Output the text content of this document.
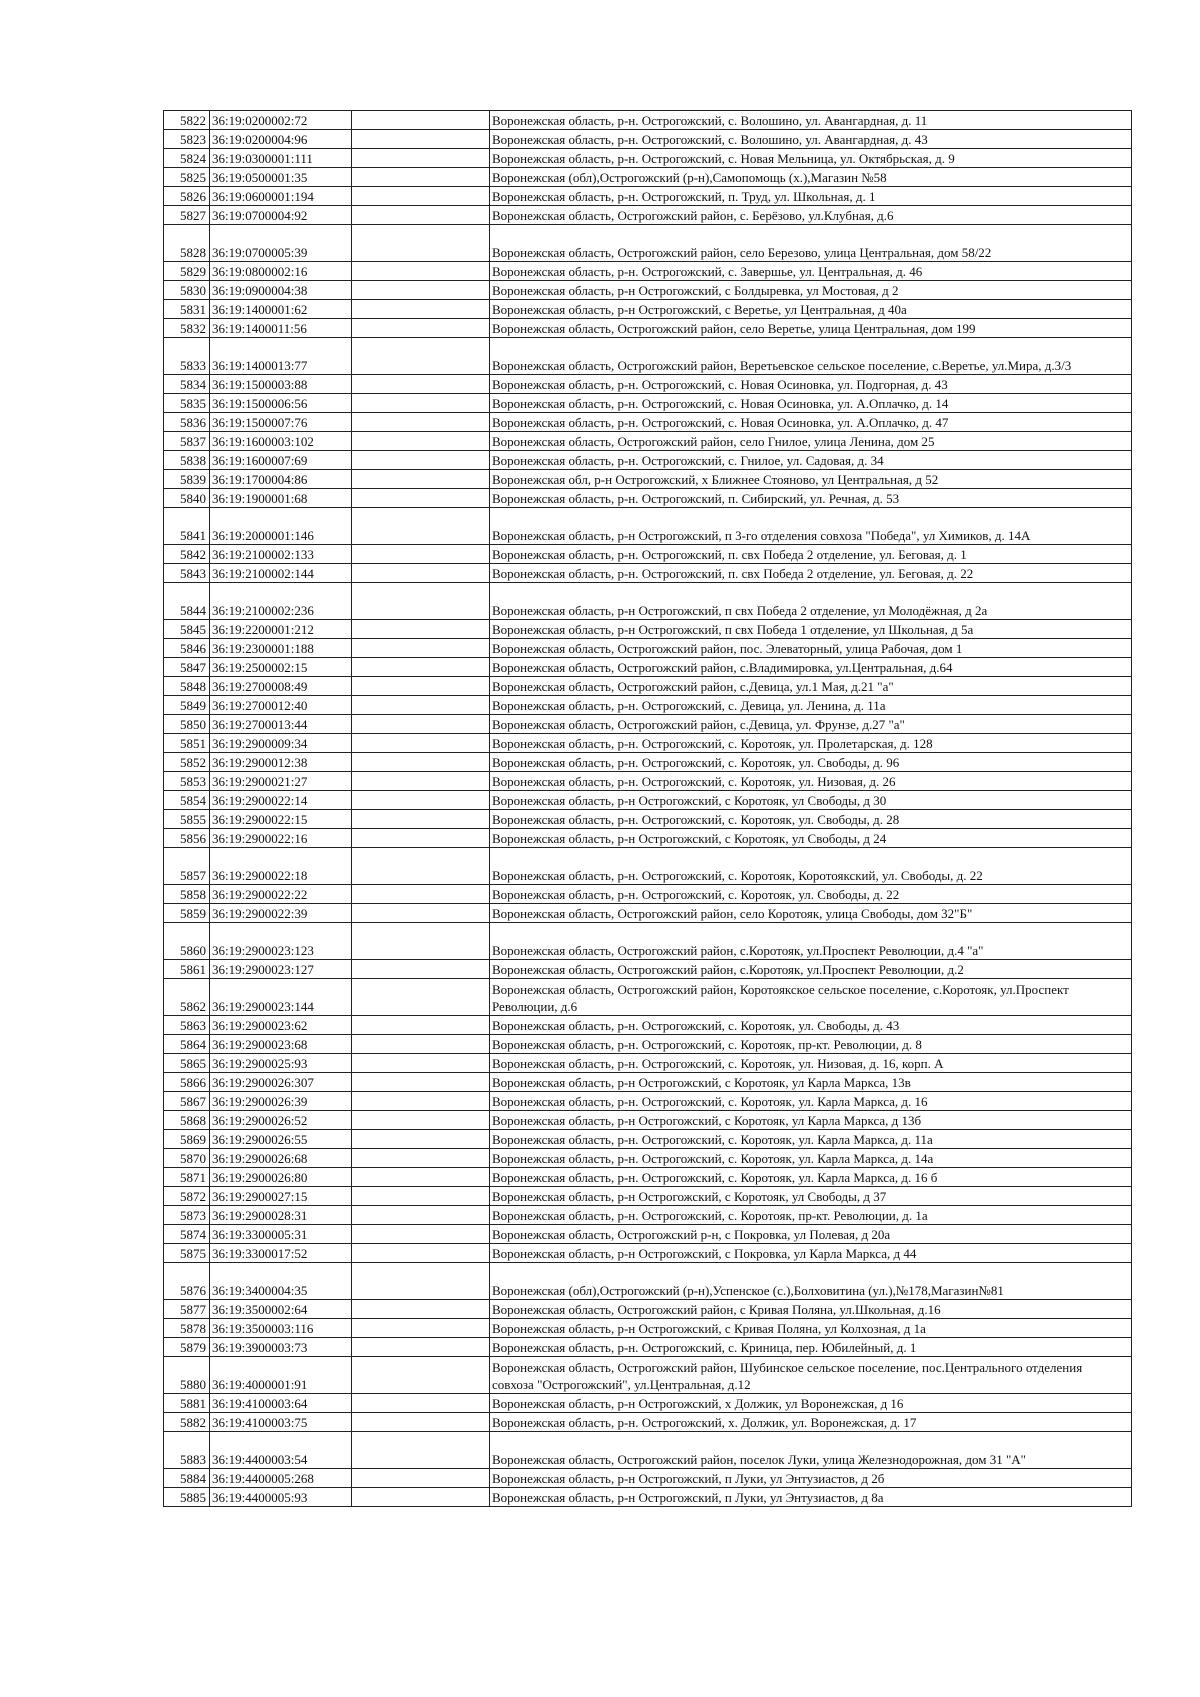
5822	36:19:0200002:72		Воронежская область, р-н. Острогожский, с. Волошино, ул. Авангардная, д. 11
5823	36:19:0200004:96		Воронежская область, р-н. Острогожский, с. Волошино, ул. Авангардная, д. 43
5824	36:19:0300001:111		Воронежская область, р-н. Острогожский, с. Новая Мельница, ул. Октябрьская, д. 9
5825	36:19:0500001:35		Воронежская (обл),Острогожский (р-н),Самопомощь (х.),Магазин №58
5826	36:19:0600001:194		Воронежская область, р-н. Острогожский, п. Труд, ул. Школьная, д. 1
5827	36:19:0700004:92		Воронежская область, Острогожский район, с. Берёзово, ул.Клубная, д.6
5828	36:19:0700005:39		Воронежская область, Острогожский район, село Березово, улица Центральная, дом 58/22
5829	36:19:0800002:16		Воронежская область, р-н. Острогожский, с. Завершье, ул. Центральная, д. 46
5830	36:19:0900004:38		Воронежская область, р-н Острогожский, с Болдыревка, ул Мостовая, д 2
5831	36:19:1400001:62		Воронежская область, р-н Острогожский, с Веретье, ул Центральная, д 40а
5832	36:19:1400011:56		Воронежская область, Острогожский район, село Веретье, улица Центральная, дом 199
5833	36:19:1400013:77		Воронежская область, Острогожский район, Веретьевское сельское поселение, с.Веретье, ул.Мира, д.3/3
5834	36:19:1500003:88		Воронежская область, р-н. Острогожский, с. Новая Осиновка, ул. Подгорная, д. 43
5835	36:19:1500006:56		Воронежская область, р-н. Острогожский, с. Новая Осиновка, ул. А.Оплачко, д. 14
5836	36:19:1500007:76		Воронежская область, р-н. Острогожский, с. Новая Осиновка, ул. А.Оплачко, д. 47
5837	36:19:1600003:102		Воронежская область, Острогожский район, село Гнилое, улица Ленина, дом 25
5838	36:19:1600007:69		Воронежская область, р-н. Острогожский, с. Гнилое, ул. Садовая, д. 34
5839	36:19:1700004:86		Воронежская обл, р-н Острогожский, х Ближнее Стояново, ул Центральная, д 52
5840	36:19:1900001:68		Воронежская область, р-н. Острогожский, п. Сибирский, ул. Речная, д. 53
5841	36:19:2000001:146		Воронежская область, р-н Острогожский, п 3-го отделения совхоза "Победа", ул Химиков, д. 14А
5842	36:19:2100002:133		Воронежская область, р-н. Острогожский, п. свх Победа 2 отделение, ул. Беговая, д. 1
5843	36:19:2100002:144		Воронежская область, р-н. Острогожский, п. свх Победа 2 отделение, ул. Беговая, д. 22
5844	36:19:2100002:236		Воронежская область, р-н Острогожский, п свх Победа 2 отделение, ул Молодёжная, д 2а
5845	36:19:2200001:212		Воронежская область, р-н Острогожский, п свх Победа 1 отделение, ул Школьная, д 5а
5846	36:19:2300001:188		Воронежская область, Острогожский район, пос. Элеваторный, улица Рабочая, дом 1
5847	36:19:2500002:15		Воронежская область, Острогожский район, с.Владимировка, ул.Центральная, д.64
5848	36:19:2700008:49		Воронежская область, Острогожский район, с.Девица, ул.1 Мая, д.21 "а"
5849	36:19:2700012:40		Воронежская область, р-н. Острогожский, с. Девица, ул. Ленина, д. 11а
5850	36:19:2700013:44		Воронежская область, Острогожский район, с.Девица, ул. Фрунзе, д.27 "а"
5851	36:19:2900009:34		Воронежская область, р-н. Острогожский, с. Коротояк, ул. Пролетарская, д. 128
5852	36:19:2900012:38		Воронежская область, р-н. Острогожский, с. Коротояк, ул. Свободы, д. 96
5853	36:19:2900021:27		Воронежская область, р-н. Острогожский, с. Коротояк, ул. Низовая, д. 26
5854	36:19:2900022:14		Воронежская область, р-н Острогожский, с Коротояк, ул Свободы, д 30
5855	36:19:2900022:15		Воронежская область, р-н. Острогожский, с. Коротояк, ул. Свободы, д. 28
5856	36:19:2900022:16		Воронежская область, р-н Острогожский, с Коротояк, ул Свободы, д 24
5857	36:19:2900022:18		Воронежская область, р-н. Острогожский, с. Коротояк, Коротоякский, ул. Свободы, д. 22
5858	36:19:2900022:22		Воронежская область, р-н. Острогожский, с. Коротояк, ул. Свободы, д. 22
5859	36:19:2900022:39		Воронежская область, Острогожский район, село Коротояк, улица Свободы, дом 32"Б"
5860	36:19:2900023:123		Воронежская область, Острогожский район, с.Коротояк, ул.Проспект Революции, д.4 "а"
5861	36:19:2900023:127		Воронежская область, Острогожский район, с.Коротояк, ул.Проспект Революции, д.2
5862	36:19:2900023:144		Воронежская область, Острогожский район, Коротоякское сельское поселение, с.Коротояк, ул.Проспект Революции, д.6
5863	36:19:2900023:62		Воронежская область, р-н. Острогожский, с. Коротояк, ул. Свободы, д. 43
5864	36:19:2900023:68		Воронежская область, р-н. Острогожский, с. Коротояк, пр-кт. Революции, д. 8
5865	36:19:2900025:93		Воронежская область, р-н. Острогожский, с. Коротояк, ул. Низовая, д. 16, корп. А
5866	36:19:2900026:307		Воронежская область, р-н Острогожский, с Коротояк, ул Карла Маркса, 13в
5867	36:19:2900026:39		Воронежская область, р-н. Острогожский, с. Коротояк, ул. Карла Маркса, д. 16
5868	36:19:2900026:52		Воронежская область, р-н Острогожский, с Коротояк, ул Карла Маркса, д 13б
5869	36:19:2900026:55		Воронежская область, р-н. Острогожский, с. Коротояк, ул. Карла Маркса, д. 11а
5870	36:19:2900026:68		Воронежская область, р-н. Острогожский, с. Коротояк, ул. Карла Маркса, д. 14а
5871	36:19:2900026:80		Воронежская область, р-н. Острогожский, с. Коротояк, ул. Карла Маркса, д. 16 б
5872	36:19:2900027:15		Воронежская область, р-н Острогожский, с Коротояк, ул Свободы, д 37
5873	36:19:2900028:31		Воронежская область, р-н. Острогожский, с. Коротояк, пр-кт. Революции, д. 1а
5874	36:19:3300005:31		Воронежская область, Острогожский р-н, с Покровка, ул Полевая, д 20а
5875	36:19:3300017:52		Воронежская область, р-н Острогожский, с Покровка, ул Карла Маркса, д 44
5876	36:19:3400004:35		Воронежская (обл),Острогожский (р-н),Успенское (с.),Болховитина (ул.),№178,Магазин№81
5877	36:19:3500002:64		Воронежская область, Острогожский район, с Кривая Поляна, ул.Школьная, д.16
5878	36:19:3500003:116		Воронежская область, р-н Острогожский, с Кривая Поляна, ул Колхозная, д 1а
5879	36:19:3900003:73		Воронежская область, р-н. Острогожский, с. Криница, пер. Юбилейный, д. 1
5880	36:19:4000001:91		Воронежская область, Острогожский район, Шубинское сельское поселение, пос.Центрального отделения совхоза "Острогожский", ул.Центральная, д.12
5881	36:19:4100003:64		Воронежская область, р-н Острогожский, х Должик, ул Воронежская, д 16
5882	36:19:4100003:75		Воронежская область, р-н. Острогожский, х. Должик, ул. Воронежская, д. 17
5883	36:19:4400003:54		Воронежская область, Острогожский район, поселок Луки, улица Железнодорожная, дом 31 "А"
5884	36:19:4400005:268		Воронежская область, р-н Острогожский, п Луки, ул Энтузиастов, д 2б
5885	36:19:4400005:93		Воронежская область, р-н Острогожский, п Луки, ул Энтузиастов, д 8а
